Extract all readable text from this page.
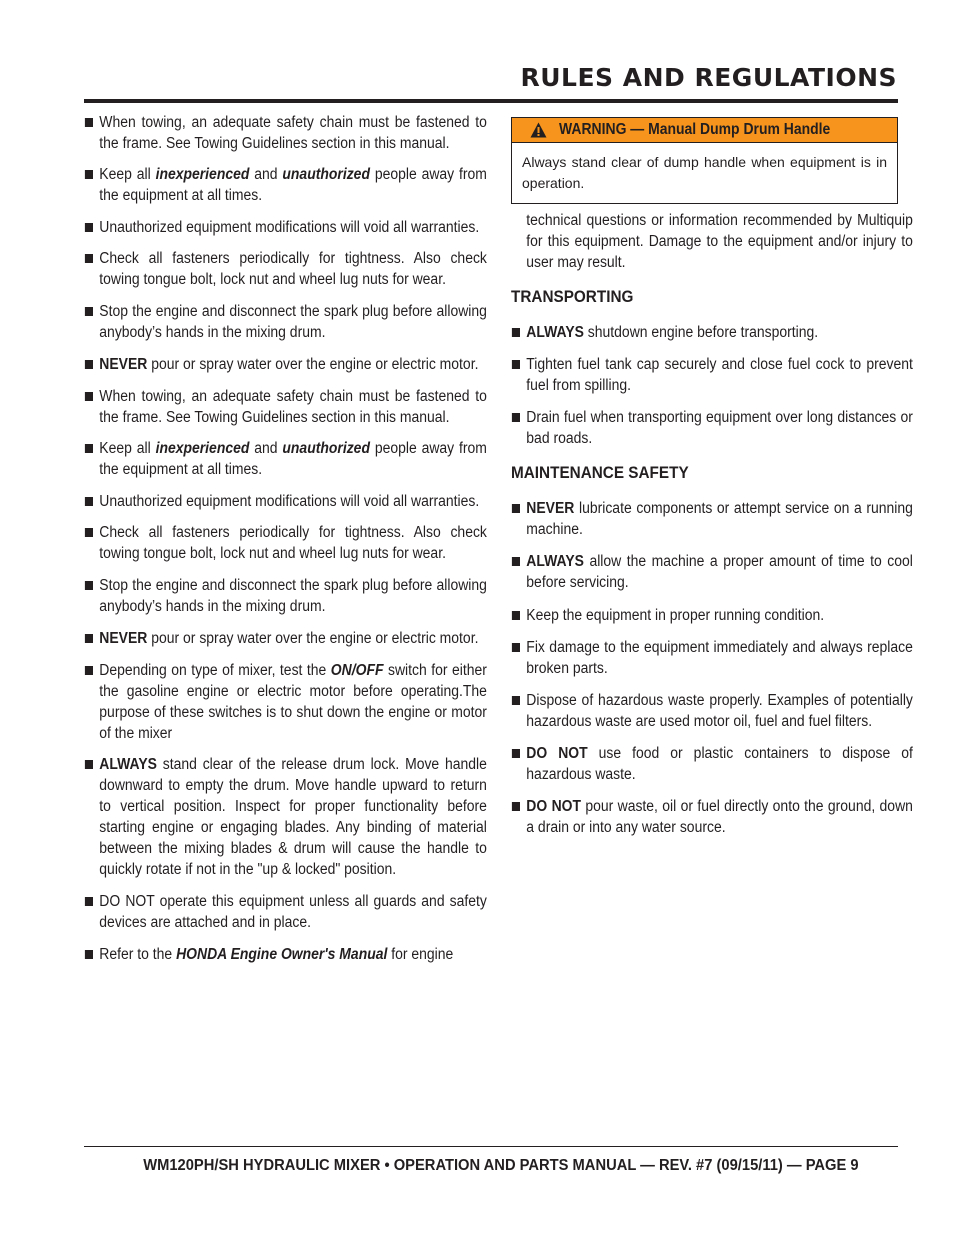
RULES AND REGULATIONS
When towing, an adequate safety chain must be fastened to the frame. See Towing Guidelines section in this manual.
Keep all inexperienced and unauthorized people away from the equipment at all times.
Unauthorized equipment modifications will void all warranties.
Check all fasteners periodically for tightness. Also check towing tongue bolt, lock nut and wheel lug nuts for wear.
Stop the engine and disconnect the spark plug before allowing anybody’s hands in the mixing drum.
NEVER pour or spray water over the engine or electric motor.
When towing, an adequate safety chain must be fastened to the frame. See Towing Guidelines section in this manual.
Keep all inexperienced and unauthorized people away from the equipment at all times.
Unauthorized equipment modifications will void all warranties.
Check all fasteners periodically for tightness. Also check towing tongue bolt, lock nut and wheel lug nuts for wear.
Stop the engine and disconnect the spark plug before allowing anybody’s hands in the mixing drum.
NEVER pour or spray water over the engine or electric motor.
Depending on type of mixer, test the ON/OFF switch for either the gasoline engine or electric motor before operating.The purpose of these switches is to shut down the engine or motor of the mixer
ALWAYS stand clear of the release drum lock. Move handle downward to empty the drum. Move handle upward to return to vertical position. Inspect for proper functionality before starting engine or engaging blades. Any binding of material between the mixing blades & drum will cause the handle to quickly rotate if not in the "up & locked" position.
DO NOT operate this equipment unless all guards and safety devices are attached and in place.
Refer to the HONDA Engine Owner's Manual for engine
WARNING — Manual Dump Drum Handle
Always stand clear of dump handle when equipment is in operation.
technical questions or information recommended by Multiquip for this equipment. Damage to the equipment and/or injury to user may result.
TRANSPORTING
ALWAYS shutdown engine before transporting.
Tighten fuel tank cap securely and close fuel cock to prevent fuel from spilling.
Drain fuel when transporting equipment over long distances or bad roads.
MAINTENANCE SAFETY
NEVER lubricate components or attempt service on a running machine.
ALWAYS allow the machine a proper amount of time to cool before servicing.
Keep the equipment in proper running condition.
Fix damage to the equipment immediately and always replace broken parts.
Dispose of hazardous waste properly. Examples of potentially hazardous waste are used motor oil, fuel and fuel filters.
DO NOT use food or plastic containers to dispose of hazardous waste.
DO NOT pour waste, oil or fuel directly onto the ground, down a drain or into any water source.
WM120PH/SH HYDRAULIC MIXER • OPERATION AND PARTS MANUAL — REV. #7 (09/15/11) — PAGE 9
